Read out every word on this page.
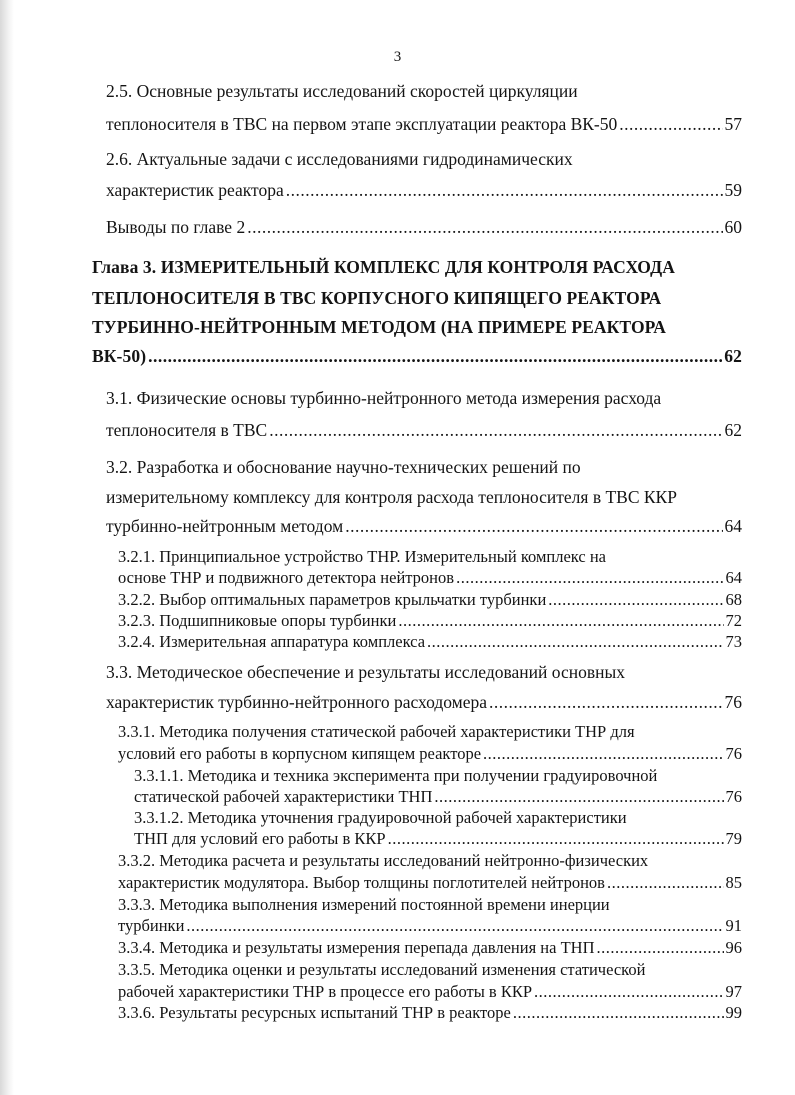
3
2.5. Основные результаты исследований скоростей циркуляции
теплоносителя в ТВС на первом этапе эксплуатации реактора ВК-50 .....	57
2.6. Актуальные задачи с исследованиями гидродинамических
характеристик реактора .....	59
Выводы по главе 2 .....	60
Глава 3. ИЗМЕРИТЕЛЬНЫЙ КОМПЛЕКС ДЛЯ КОНТРОЛЯ РАСХОДА
ТЕПЛОНОСИТЕЛЯ В ТВС КОРПУСНОГО КИПЯЩЕГО РЕАКТОРА
ТУРБИННО-НЕЙТРОННЫМ МЕТОДОМ (НА ПРИМЕРЕ РЕАКТОРА
ВК-50) .....	62
3.1. Физические основы турбинно-нейтронного метода измерения расхода
теплоносителя в ТВС .....	62
3.2. Разработка и обоснование научно-технических решений по
измерительному комплексу для контроля расхода теплоносителя в ТВС ККР
турбинно-нейтронным методом .....	64
3.2.1. Принципиальное устройство ТНР. Измерительный комплекс на
основе ТНР и подвижного детектора нейтронов .....	64
3.2.2. Выбор оптимальных параметров крыльчатки турбинки .....	68
3.2.3. Подшипниковые опоры турбинки .....	72
3.2.4. Измерительная аппаратура комплекса .....	73
3.3. Методическое обеспечение и результаты исследований основных
характеристик турбинно-нейтронного расходомера .....	76
3.3.1. Методика получения статической рабочей характеристики ТНР для
условий его работы в корпусном кипящем реакторе .....	76
3.3.1.1. Методика и техника эксперимента при получении градуировочной
статической рабочей характеристики ТНП .....	76
3.3.1.2. Методика уточнения градуировочной рабочей характеристики
ТНП для условий его работы в ККР .....	79
3.3.2. Методика расчета и результаты исследований нейтронно-физических
характеристик модулятора. Выбор толщины поглотителей нейтронов .....	85
3.3.3. Методика выполнения измерений постоянной времени инерции
турбинки .....	91
3.3.4. Методика и результаты измерения перепада давления на ТНП .....	96
3.3.5. Методика оценки и результаты исследований изменения статической
рабочей характеристики ТНР в процессе его работы в ККР .....	97
3.3.6. Результаты ресурсных испытаний ТНР в реакторе .....	99
